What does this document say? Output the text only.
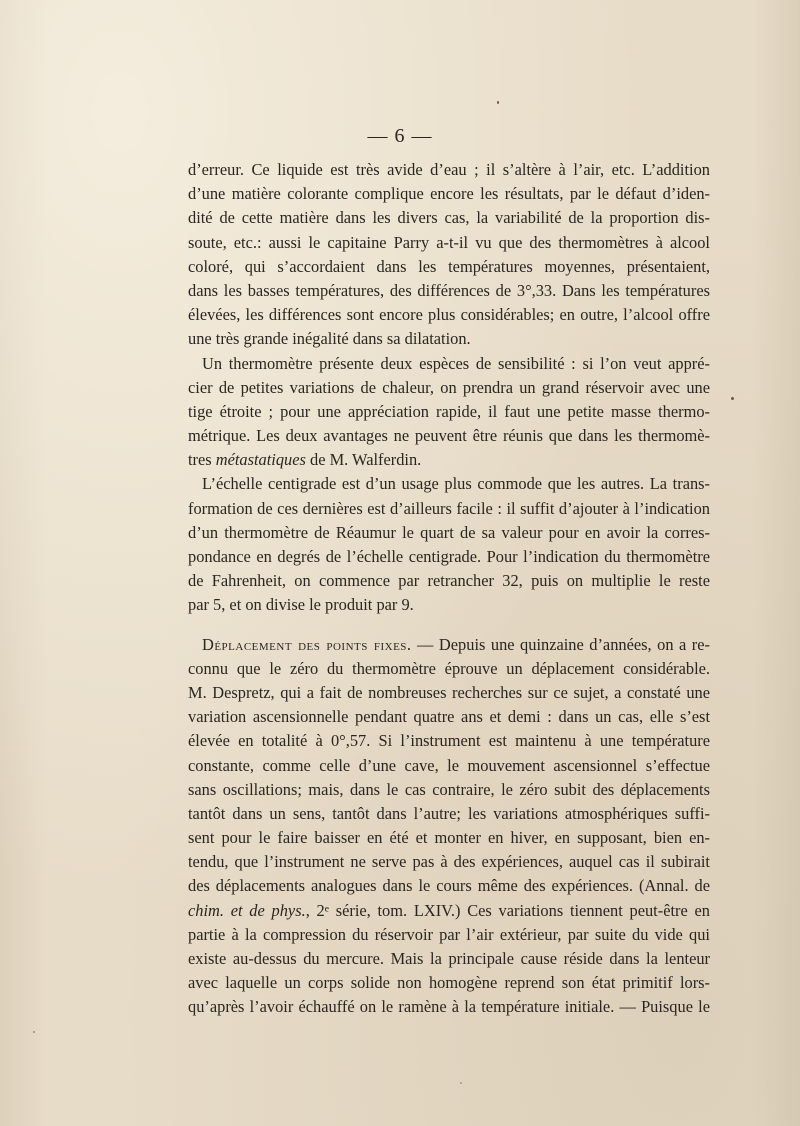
— 6 —
d’erreur. Ce liquide est très avide d’eau ; il s’altère à l’air, etc. L’addition
d’une matière colorante complique encore les résultats, par le défaut d’iden-
dité de cette matière dans les divers cas, la variabilité de la proportion dis-
soute, etc.: aussi le capitaine Parry a-t-il vu que des thermomètres à alcool
coloré, qui s’accordaient dans les températures moyennes, présentaient,
dans les basses températures, des différences de 3°,33. Dans les températures
élevées, les différences sont encore plus considérables; en outre, l’alcool offre
une très grande inégalité dans sa dilatation.
Un thermomètre présente deux espèces de sensibilité : si l’on veut appré-
cier de petites variations de chaleur, on prendra un grand réservoir avec une
tige étroite ; pour une appréciation rapide, il faut une petite masse thermo-
métrique. Les deux avantages ne peuvent être réunis que dans les thermomè-
tres métastatiques de M. Walferdin.
L’échelle centigrade est d’un usage plus commode que les autres. La trans-
formation de ces dernières est d’ailleurs facile : il suffit d’ajouter à l’indication
d’un thermomètre de Réaumur le quart de sa valeur pour en avoir la corres-
pondance en degrés de l’échelle centigrade. Pour l’indication du thermomètre
de Fahrenheit, on commence par retrancher 32, puis on multiplie le reste
par 5, et on divise le produit par 9.
Déplacement des points fixes. — Depuis une quinzaine d’années, on a re-
connu que le zéro du thermomètre éprouve un déplacement considérable.
M. Despretz, qui a fait de nombreuses recherches sur ce sujet, a constaté une
variation ascensionnelle pendant quatre ans et demi : dans un cas, elle s’est
élevée en totalité à 0°,57. Si l’instrument est maintenu à une température
constante, comme celle d’une cave, le mouvement ascensionnel s’effectue
sans oscillations; mais, dans le cas contraire, le zéro subit des déplacements
tantôt dans un sens, tantôt dans l’autre; les variations atmosphériques suffi-
sent pour le faire baisser en été et monter en hiver, en supposant, bien en-
tendu, que l’instrument ne serve pas à des expériences, auquel cas il subirait
des déplacements analogues dans le cours même des expériences. (Annal. de
chim. et de phys., 2ᵉ série, tom. LXIV.) Ces variations tiennent peut-être en
partie à la compression du réservoir par l’air extérieur, par suite du vide qui
existe au-dessus du mercure. Mais la principale cause réside dans la lenteur
avec laquelle un corps solide non homogène reprend son état primitif lors-
qu’après l’avoir échauffé on le ramène à la température initiale. — Puisque le
